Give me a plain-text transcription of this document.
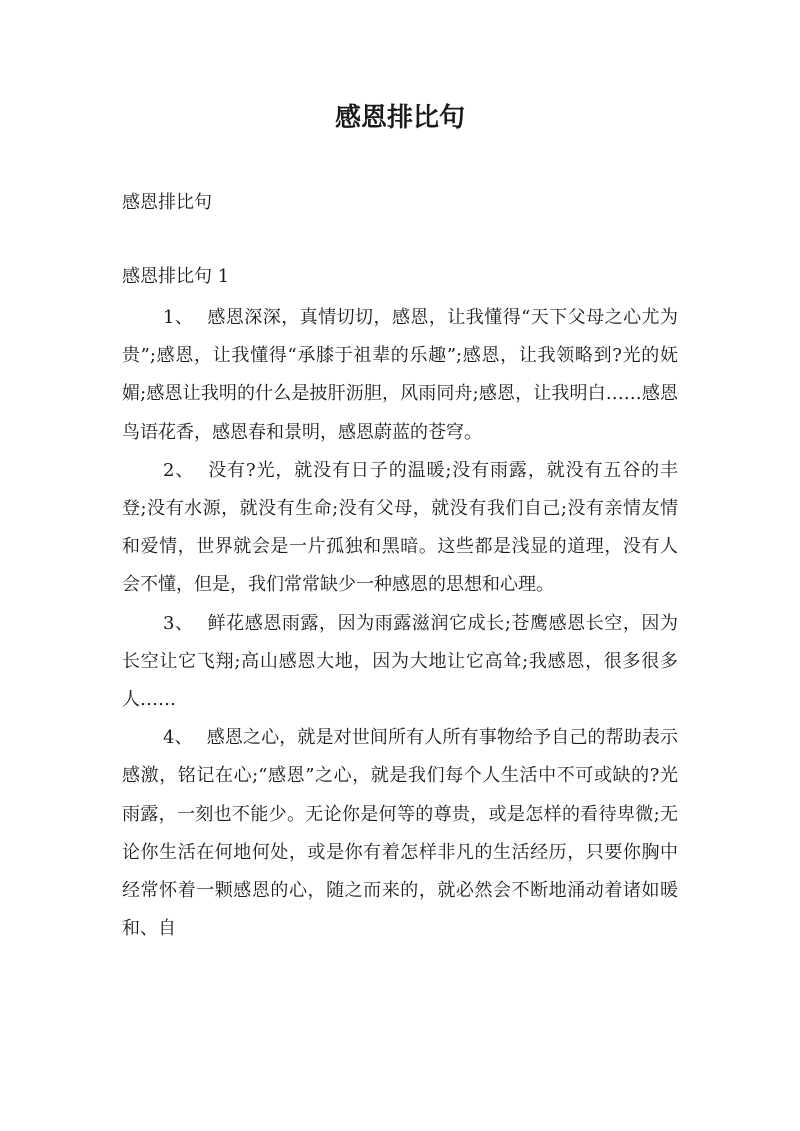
感恩排比句

感恩排比句

感恩排比句 1

1、 感恩深深，真情切切，感恩，让我懂得“天下父母之心尤为贵”;感恩，让我懂得“承膝于祖辈的乐趣”;感恩，让我领略到?光的妩媚;感恩让我明的什么是披肝沥胆，风雨同舟;感恩，让我明白……感恩鸟语花香，感恩春和景明，感恩蔚蓝的苍穹。

2、 没有?光，就没有日子的温暖;没有雨露，就没有五谷的丰登;没有水源，就没有生命;没有父母，就没有我们自己;没有亲情友情和爱情，世界就会是一片孤独和黑暗。这些都是浅显的道理，没有人会不懂，但是，我们常常缺少一种感恩的思想和心理。

3、 鲜花感恩雨露，因为雨露滋润它成长;苍鹰感恩长空，因为长空让它飞翔;高山感恩大地，因为大地让它高耸;我感恩，很多很多人……

4、 感恩之心，就是对世间所有人所有事物给予自己的帮助表示感激，铭记在心;“感恩”之心，就是我们每个人生活中不可或缺的?光雨露，一刻也不能少。无论你是何等的尊贵，或是怎样的看待卑微;无论你生活在何地何处，或是你有着怎样非凡的生活经历，只要你胸中经常怀着一颗感恩的心，随之而来的，就必然会不断地涌动着诸如暖和、自
